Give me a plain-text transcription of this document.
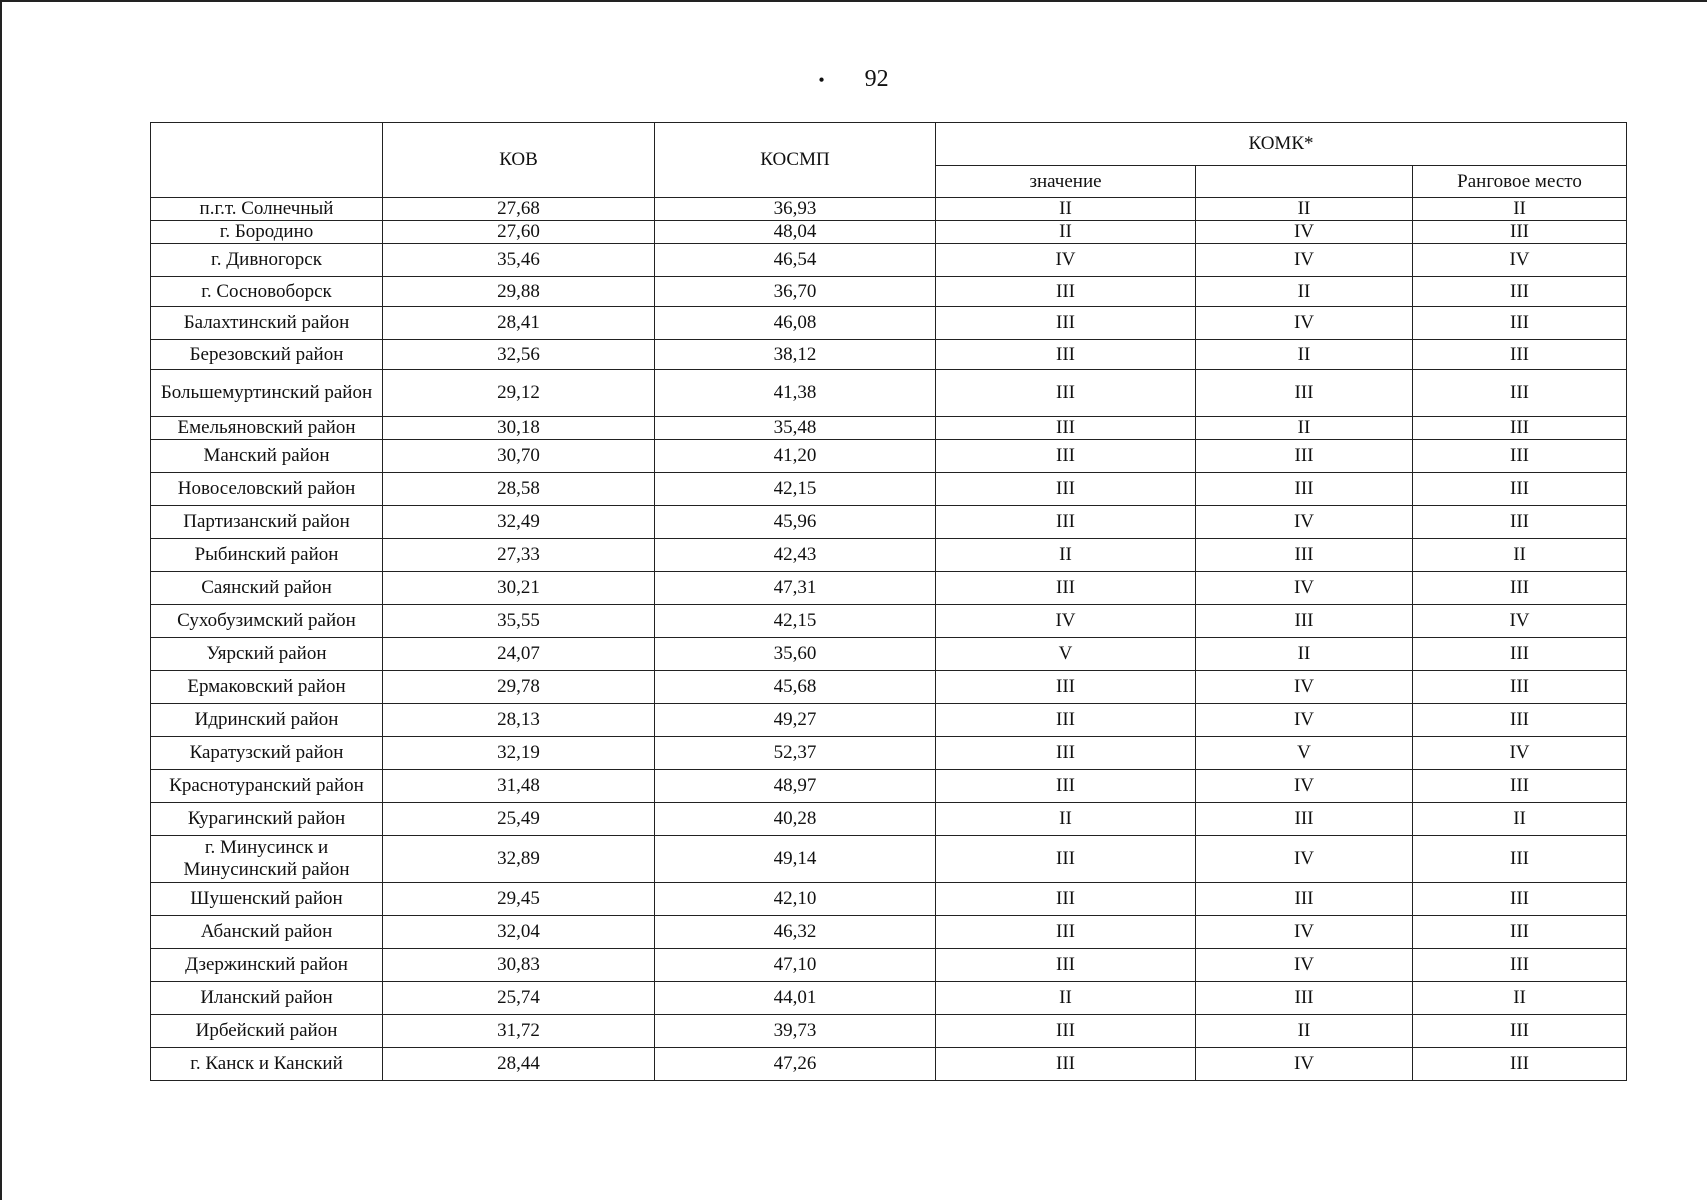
• 92
	КОВ	КОСМП	КОМК*		
			значение		Ранговое место
п.г.т. Солнечный	27,68	36,93	II	II	II
г. Бородино	27,60	48,04	II	IV	III
г. Дивногорск	35,46	46,54	IV	IV	IV
г. Сосновоборск	29,88	36,70	III	II	III
Балахтинский район	28,41	46,08	III	IV	III
Березовский район	32,56	38,12	III	II	III
Большемуртинский район	29,12	41,38	III	III	III
Емельяновский район	30,18	35,48	III	II	III
Манский район	30,70	41,20	III	III	III
Новоселовский район	28,58	42,15	III	III	III
Партизанский район	32,49	45,96	III	IV	III
Рыбинский район	27,33	42,43	II	III	II
Саянский район	30,21	47,31	III	IV	III
Сухобузимский район	35,55	42,15	IV	III	IV
Уярский район	24,07	35,60	V	II	III
Ермаковский район	29,78	45,68	III	IV	III
Идринский район	28,13	49,27	III	IV	III
Каратузский район	32,19	52,37	III	V	IV
Краснотуранский район	31,48	48,97	III	IV	III
Курагинский район	25,49	40,28	II	III	II
г. Минусинск и Минусинский район	32,89	49,14	III	IV	III
Шушенский район	29,45	42,10	III	III	III
Абанский район	32,04	46,32	III	IV	III
Дзержинский район	30,83	47,10	III	IV	III
Иланский район	25,74	44,01	II	III	II
Ирбейский район	31,72	39,73	III	II	III
г. Канск и Канский	28,44	47,26	III	IV	III
